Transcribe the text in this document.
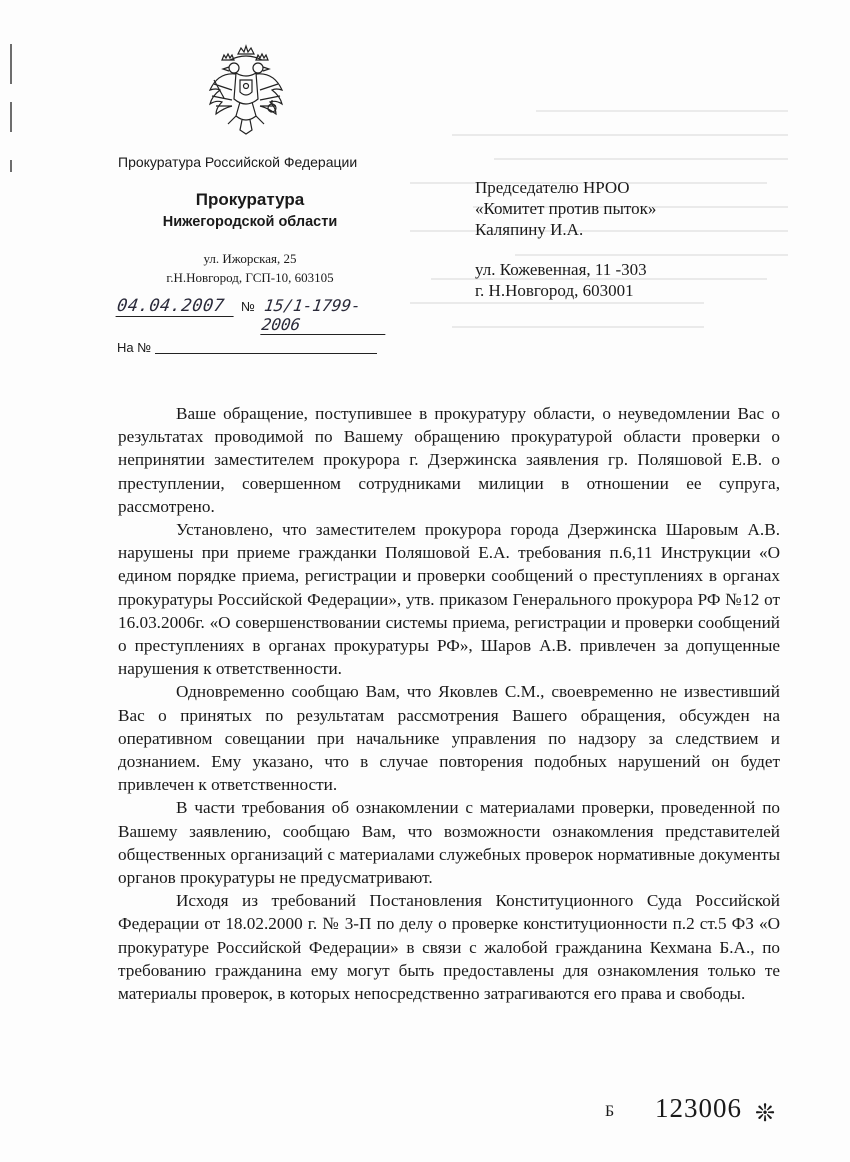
Прокуратура Российской Федерации
Прокуратура
Нижегородской области
ул. Ижорская, 25
г.Н.Новгород, ГСП-10, 603105
04.04.2007	№ 15/1-1799-2006
На №
Председателю НРОО
«Комитет против пыток»
Каляпину И.А.
ул. Кожевенная, 11 -303
г. Н.Новгород, 603001

Ваше обращение, поступившее в прокуратуру области, о неуведомлении Вас о результатах проводимой по Вашему обращению прокуратурой области проверки о непринятии заместителем прокурора г. Дзержинска заявления гр. Поляшовой Е.В. о преступлении, совершенном сотрудниками милиции в отношении ее супруга, рассмотрено.

Установлено, что заместителем прокурора города Дзержинска Шаровым А.В. нарушены при приеме гражданки Поляшовой Е.А. требования п.6,11 Инструкции «О едином порядке приема, регистрации и проверки сообщений о преступлениях в органах прокуратуры Российской Федерации», утв. приказом Генерального прокурора РФ №12 от 16.03.2006г. «О совершенствовании системы приема, регистрации и проверки сообщений о преступлениях в органах прокуратуры РФ», Шаров А.В. привлечен за допущенные нарушения к ответственности.

Одновременно сообщаю Вам, что Яковлев С.М., своевременно не известивший Вас о принятых по результатам рассмотрения Вашего обращения, обсужден на оперативном совещании при начальнике управления по надзору за следствием и дознанием. Ему указано, что в случае повторения подобных нарушений он будет привлечен к ответственности.

В части требования об ознакомлении с материалами проверки, проведенной по Вашему заявлению, сообщаю Вам, что возможности ознакомления представителей общественных организаций с материалами служебных проверок нормативные документы органов прокуратуры не предусматривают.

Исходя из требований Постановления Конституционного Суда Российской Федерации от 18.02.2000 г. № 3-П по делу о проверке конституционности п.2 ст.5 ФЗ «О прокуратуре Российской Федерации» в связи с жалобой гражданина Кехмана Б.А., по требованию гражданина ему могут быть предоставлены для ознакомления только те материалы проверок, в которых непосредственно затрагиваются его права и свободы.

Б 123006 ❊
